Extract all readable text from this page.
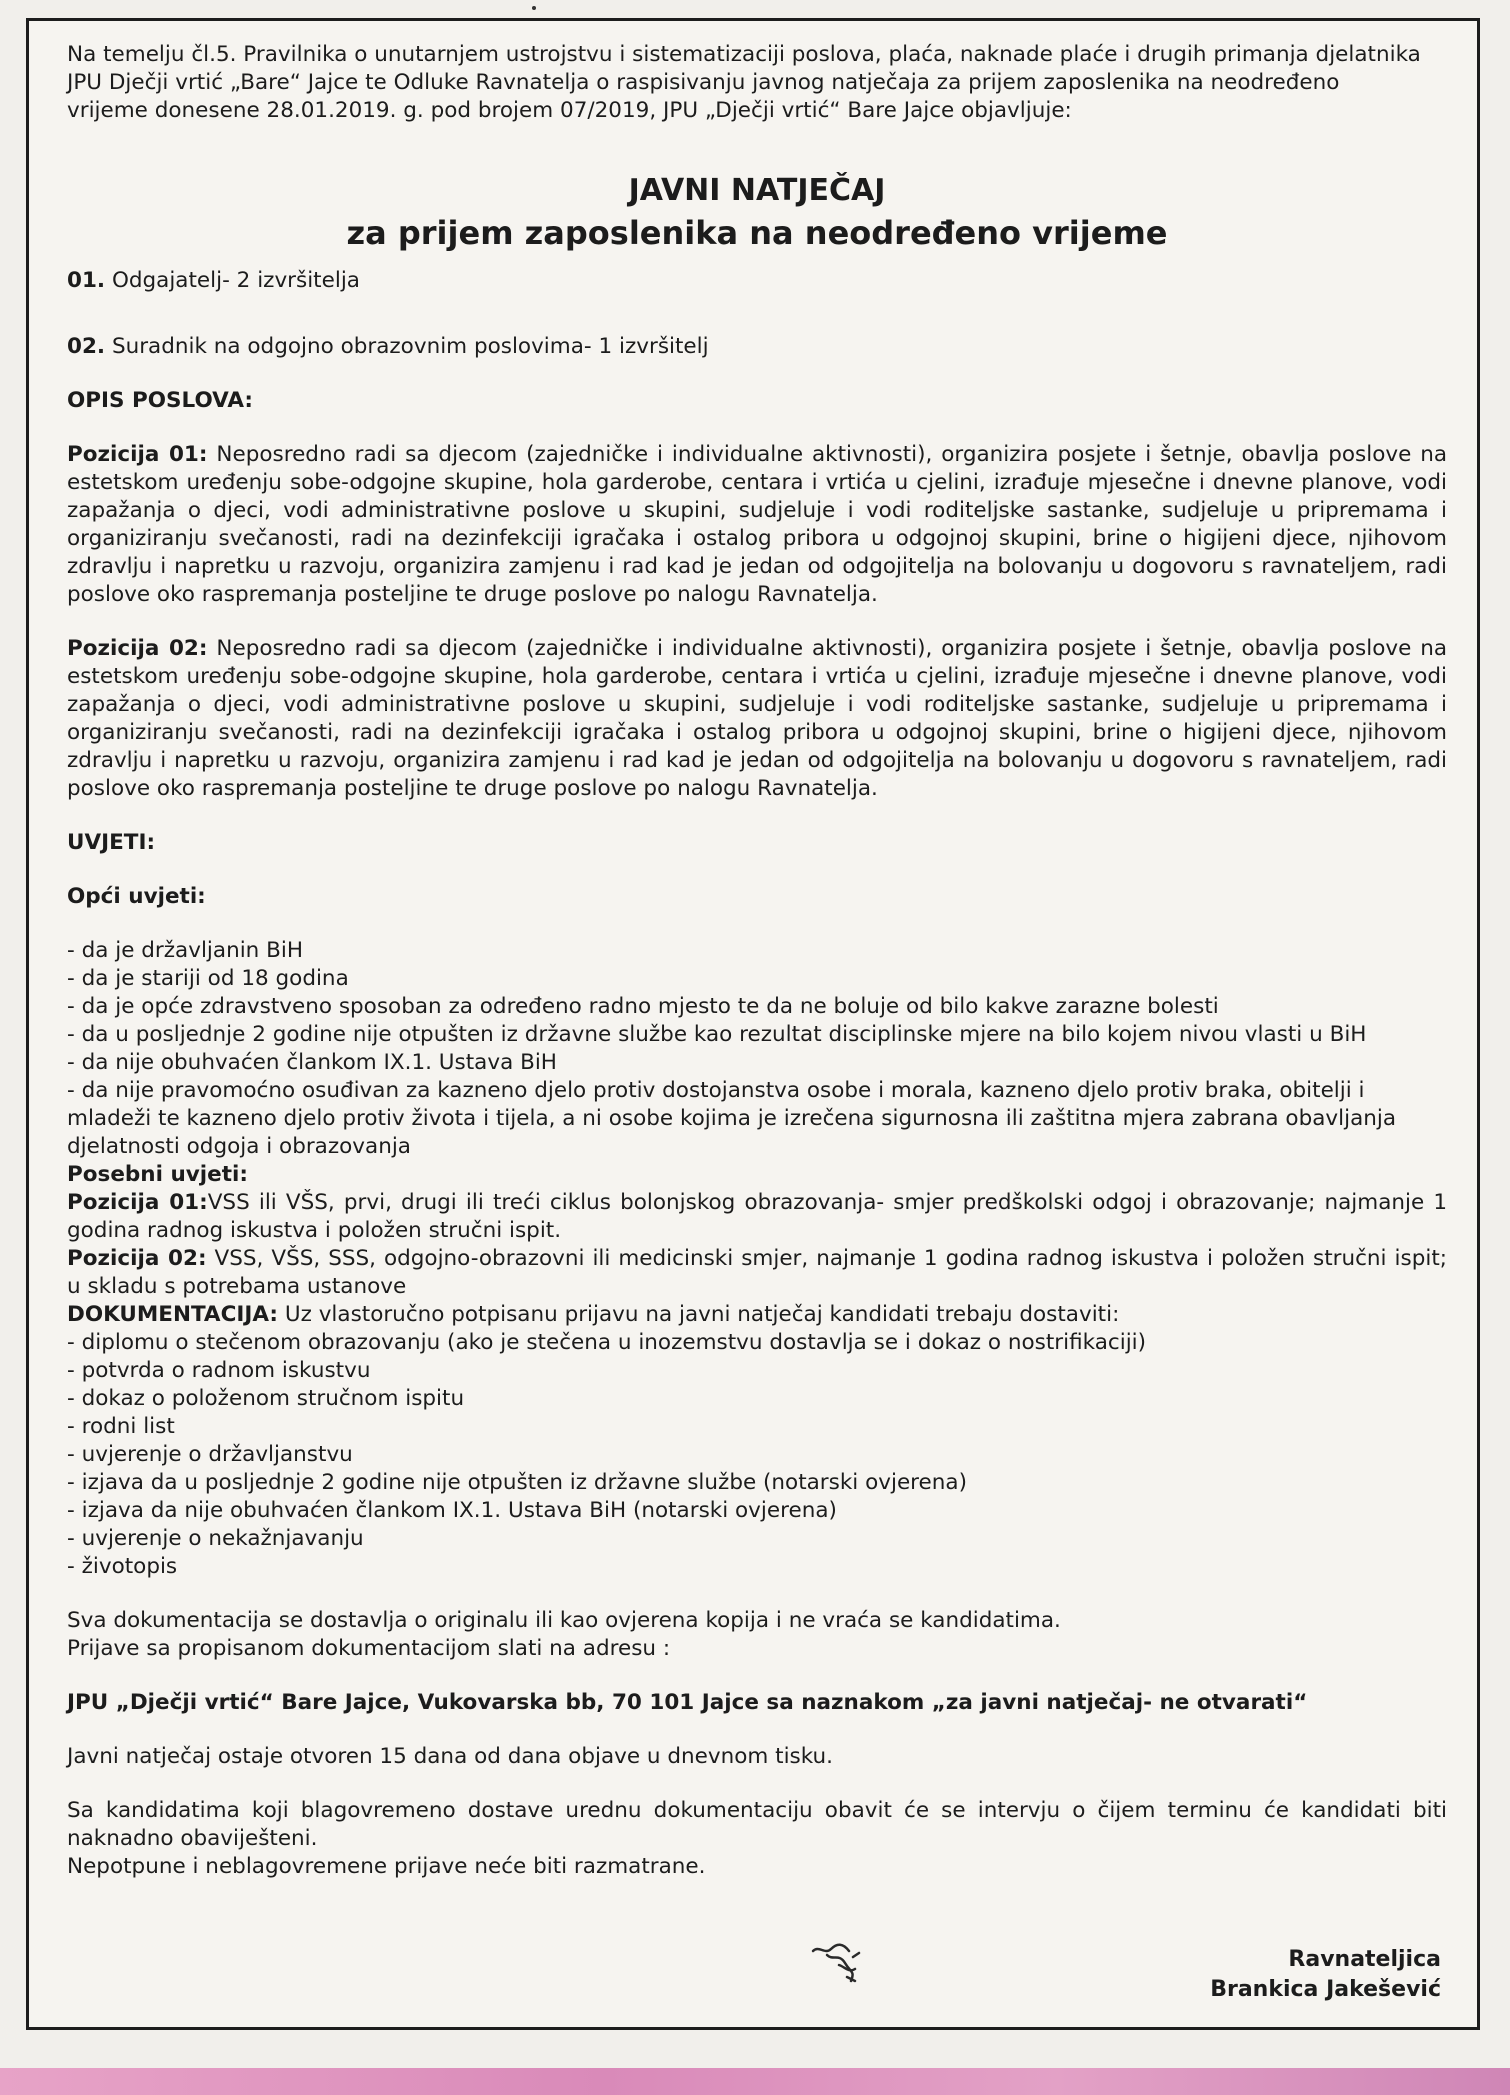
Na temelju čl.5. Pravilnika o unutarnjem ustrojstvu i sistematizaciji poslova, plaća, naknade plaće i drugih primanja djelatnika

JPU Dječji vrtić „Bare“ Jajce te Odluke Ravnatelja o raspisivanju javnog natječaja za prijem zaposlenika na neodređeno

vrijeme donesene 28.01.2019. g. pod brojem 07/2019, JPU „Dječji vrtić“ Bare Jajce objavljuje:

JAVNI NATJEČAJ
za prijem zaposlenika na neodređeno vrijeme

01. Odgajatelj- 2 izvršitelja

02. Suradnik na odgojno obrazovnim poslovima- 1 izvršitelj

OPIS POSLOVA:

Pozicija 01: Neposredno radi sa djecom (zajedničke i individualne aktivnosti), organizira posjete i šetnje, obavlja poslove na estetskom uređenju sobe-odgojne skupine, hola garderobe, centara i vrtića u cjelini, izrađuje mjesečne i dnevne planove, vodi zapažanja o djeci, vodi administrativne poslove u skupini, sudjeluje i vodi roditeljske sastanke, sudjeluje u pripremama i organiziranju svečanosti, radi na dezinfekciji igračaka i ostalog pribora u odgojnoj skupini, brine o higijeni djece, njihovom zdravlju i napretku u razvoju, organizira zamjenu i rad kad je jedan od odgojitelja na bolovanju u dogovoru s ravnateljem, radi poslove oko raspremanja posteljine te druge poslove po nalogu Ravnatelja.

Pozicija 02: Neposredno radi sa djecom (zajedničke i individualne aktivnosti), organizira posjete i šetnje, obavlja poslove na estetskom uređenju sobe-odgojne skupine, hola garderobe, centara i vrtića u cjelini, izrađuje mjesečne i dnevne planove, vodi zapažanja o djeci, vodi administrativne poslove u skupini, sudjeluje i vodi roditeljske sastanke, sudjeluje u pripremama i organiziranju svečanosti, radi na dezinfekciji igračaka i ostalog pribora u odgojnoj skupini, brine o higijeni djece, njihovom zdravlju i napretku u razvoju, organizira zamjenu i rad kad je jedan od odgojitelja na bolovanju u dogovoru s ravnateljem, radi poslove oko raspremanja posteljine te druge poslove po nalogu Ravnatelja.

UVJETI:

Opći uvjeti:

- da je državljanin BiH
- da je stariji od 18 godina
- da je opće zdravstveno sposoban za određeno radno mjesto te da ne boluje od bilo kakve zarazne bolesti
- da u posljednje 2 godine nije otpušten iz državne službe kao rezultat disciplinske mjere na bilo kojem nivou vlasti u BiH
- da nije obuhvaćen člankom IX.1. Ustava BiH
- da nije pravomoćno osuđivan za kazneno djelo protiv dostojanstva osobe i morala, kazneno djelo protiv braka, obitelji i mladeži te kazneno djelo protiv života i tijela, a ni osobe kojima je izrečena sigurnosna ili zaštitna mjera zabrana obavljanja djelatnosti odgoja i obrazovanja

Posebni uvjeti:

Pozicija 01:VSS ili VŠS, prvi, drugi ili treći ciklus bolonjskog obrazovanja- smjer predškolski odgoj i obrazovanje; najmanje 1 godina radnog iskustva i položen stručni ispit.

Pozicija 02: VSS, VŠS, SSS, odgojno-obrazovni ili medicinski smjer, najmanje 1 godina radnog iskustva i položen stručni ispit; u skladu s potrebama ustanove

DOKUMENTACIJA: Uz vlastoručno potpisanu prijavu na javni natječaj kandidati trebaju dostaviti:

- diplomu o stečenom obrazovanju (ako je stečena u inozemstvu dostavlja se i dokaz o nostrifikaciji)
- potvrda o radnom iskustvu
- dokaz o položenom stručnom ispitu
- rodni list
- uvjerenje o državljanstvu
- izjava da u posljednje 2 godine nije otpušten iz državne službe (notarski ovjerena)
- izjava da nije obuhvaćen člankom IX.1. Ustava BiH (notarski ovjerena)
- uvjerenje o nekažnjavanju
- životopis

Sva dokumentacija se dostavlja o originalu ili kao ovjerena kopija i ne vraća se kandidatima.

Prijave sa propisanom dokumentacijom slati na adresu :

JPU „Dječji vrtić“ Bare Jajce, Vukovarska bb, 70 101 Jajce sa naznakom „za javni natječaj- ne otvarati“

Javni natječaj ostaje otvoren 15 dana od dana objave u dnevnom tisku.

Sa kandidatima koji blagovremeno dostave urednu dokumentaciju obavit će se intervju o čijem terminu će kandidati biti naknadno obaviješteni.

Nepotpune i neblagovremene prijave neće biti razmatrane.

Ravnateljica
Brankica Jakešević
